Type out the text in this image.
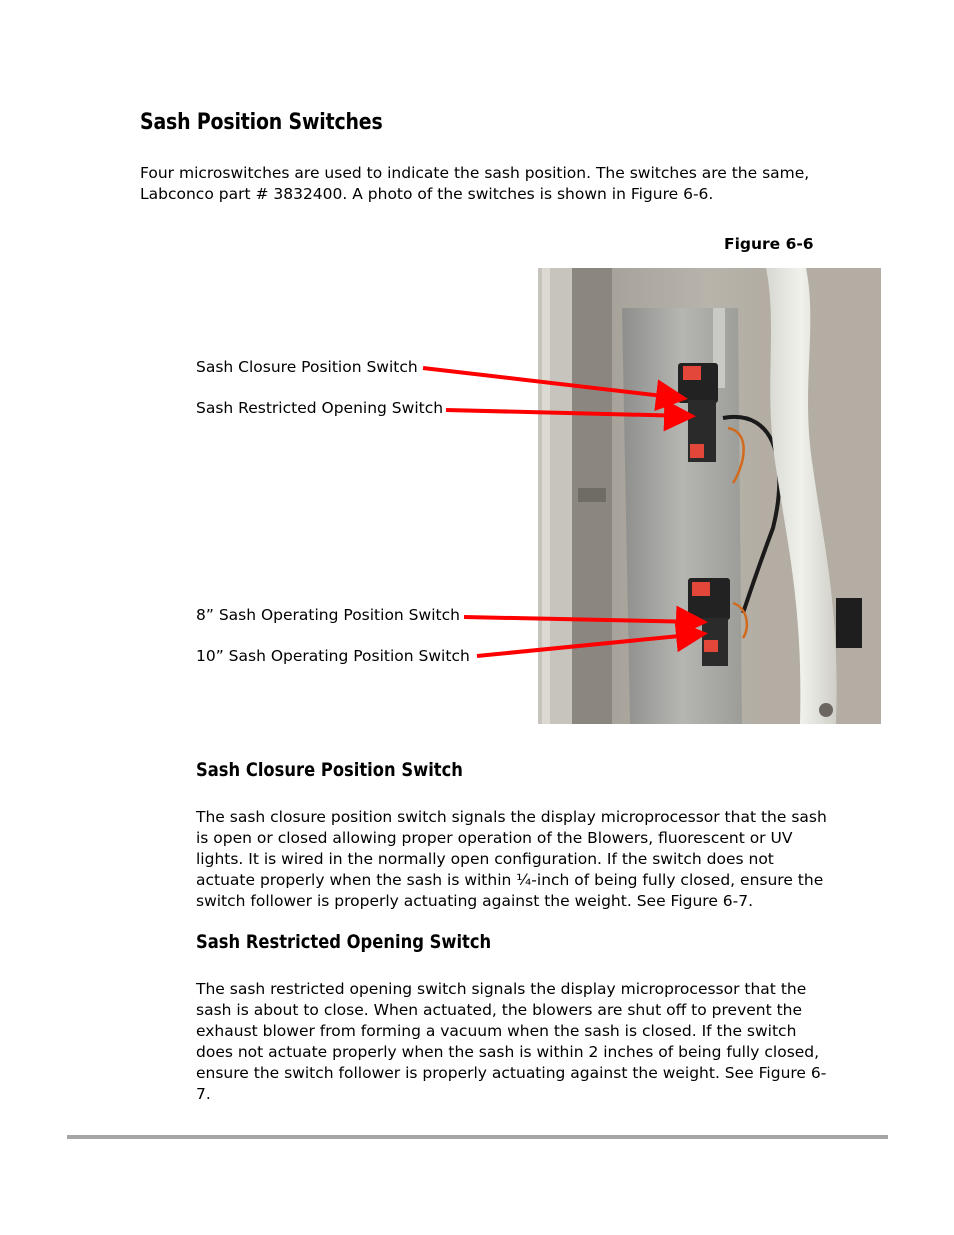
Sash Position Switches
Four microswitches are used to indicate the sash position. The switches are the same,
Labconco part # 3832400. A photo of the switches is shown in Figure 6-6.
Figure 6-6
Sash Closure Position Switch
Sash Restricted Opening Switch
8” Sash Operating Position Switch
10” Sash Operating Position Switch
Sash Closure Position Switch
The sash closure position switch signals the display microprocessor that the sash
is open or closed allowing proper operation of the Blowers, fluorescent or UV
lights. It is wired in the normally open configuration. If the switch does not
actuate properly when the sash is within ¼-inch of being fully closed, ensure the
switch follower is properly actuating against the weight. See Figure 6-7.
Sash Restricted Opening Switch
The sash restricted opening switch signals the display microprocessor that the
sash is about to close. When actuated, the blowers are shut off to prevent the
exhaust blower from forming a vacuum when the sash is closed. If the switch
does not actuate properly when the sash is within 2 inches of being fully closed,
ensure the switch follower is properly actuating against the weight. See Figure 6-
7.
